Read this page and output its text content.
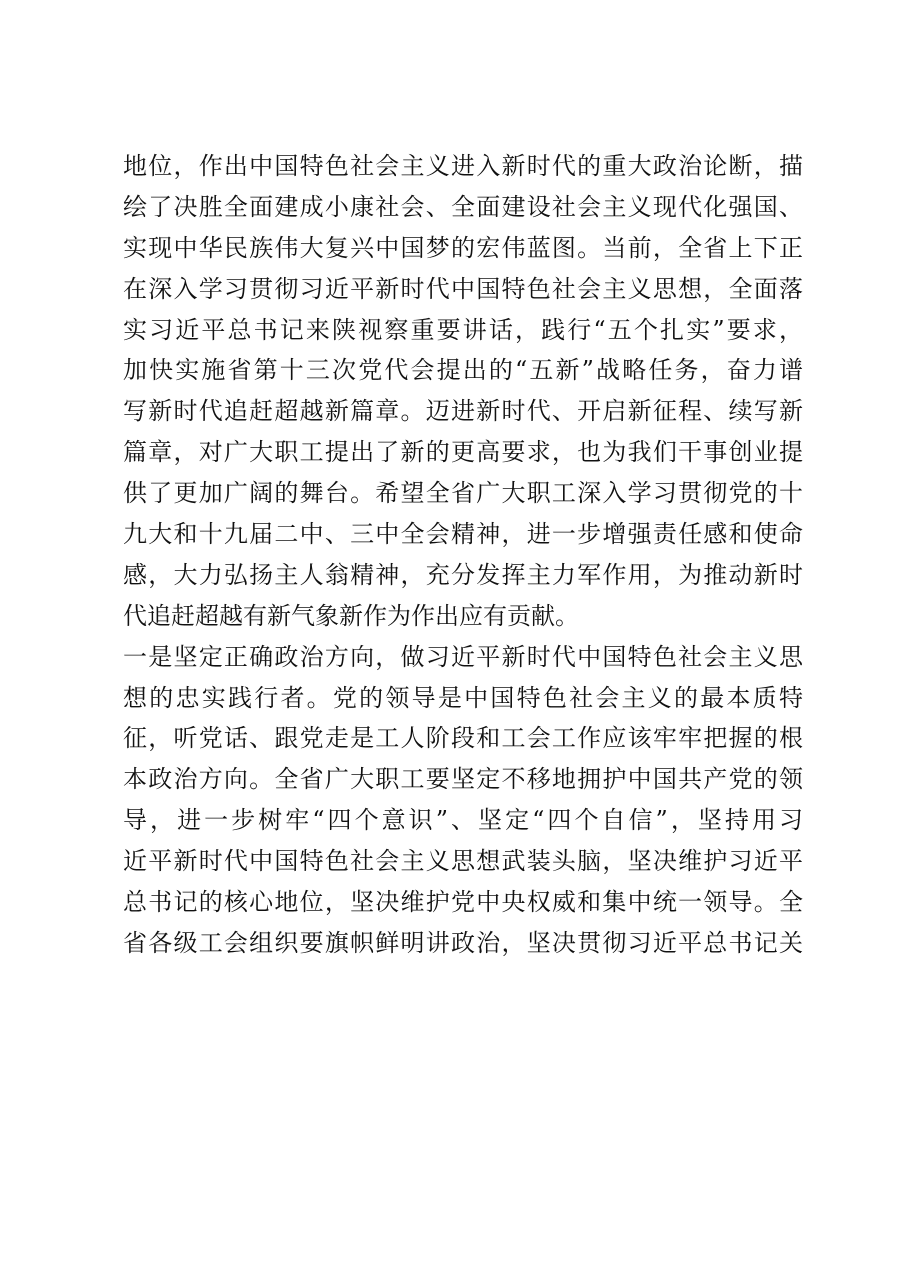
地位，作出中国特色社会主义进入新时代的重大政治论断，描
绘了决胜全面建成小康社会、全面建设社会主义现代化强国、
实现中华民族伟大复兴中国梦的宏伟蓝图。当前，全省上下正
在深入学习贯彻习近平新时代中国特色社会主义思想，全面落
实习近平总书记来陕视察重要讲话，践行“五个扎实”要求，
加快实施省第十三次党代会提出的“五新”战略任务，奋力谱
写新时代追赶超越新篇章。迈进新时代、开启新征程、续写新
篇章，对广大职工提出了新的更高要求，也为我们干事创业提
供了更加广阔的舞台。希望全省广大职工深入学习贯彻党的十
九大和十九届二中、三中全会精神，进一步增强责任感和使命
感，大力弘扬主人翁精神，充分发挥主力军作用，为推动新时
代追赶超越有新气象新作为作出应有贡献。
一是坚定正确政治方向，做习近平新时代中国特色社会主义思
想的忠实践行者。党的领导是中国特色社会主义的最本质特
征，听党话、跟党走是工人阶段和工会工作应该牢牢把握的根
本政治方向。全省广大职工要坚定不移地拥护中国共产党的领
导，进一步树牢“四个意识”、坚定“四个自信”，坚持用习
近平新时代中国特色社会主义思想武装头脑，坚决维护习近平
总书记的核心地位，坚决维护党中央权威和集中统一领导。全
省各级工会组织要旗帜鲜明讲政治，坚决贯彻习近平总书记关
